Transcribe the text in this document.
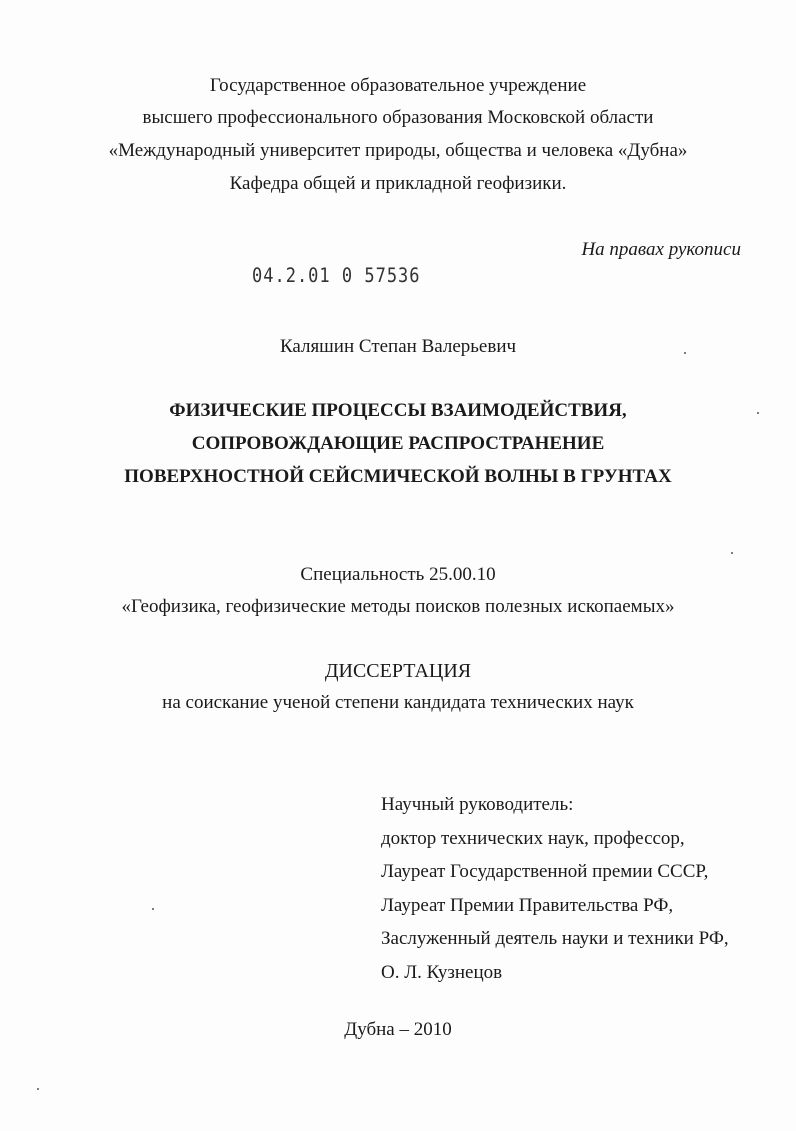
Государственное образовательное учреждение
высшего профессионального образования Московской области
«Международный университет природы, общества и человека «Дубна»
Кафедра общей и прикладной геофизики.
На правах рукописи
04.2.01 0 57536
Каляшин Степан Валерьевич
ФИЗИЧЕСКИЕ ПРОЦЕССЫ ВЗАИМОДЕЙСТВИЯ,
СОПРОВОЖДАЮЩИЕ РАСПРОСТРАНЕНИЕ
ПОВЕРХНОСТНОЙ СЕЙСМИЧЕСКОЙ ВОЛНЫ В ГРУНТАХ
Специальность 25.00.10
«Геофизика, геофизические методы поисков полезных ископаемых»
ДИССЕРТАЦИЯ
на соискание ученой степени кандидата технических наук
Научный руководитель:
доктор технических наук, профессор,
Лауреат Государственной премии СССР,
Лауреат Премии Правительства РФ,
Заслуженный деятель науки и техники РФ,
О. Л. Кузнецов
Дубна – 2010
